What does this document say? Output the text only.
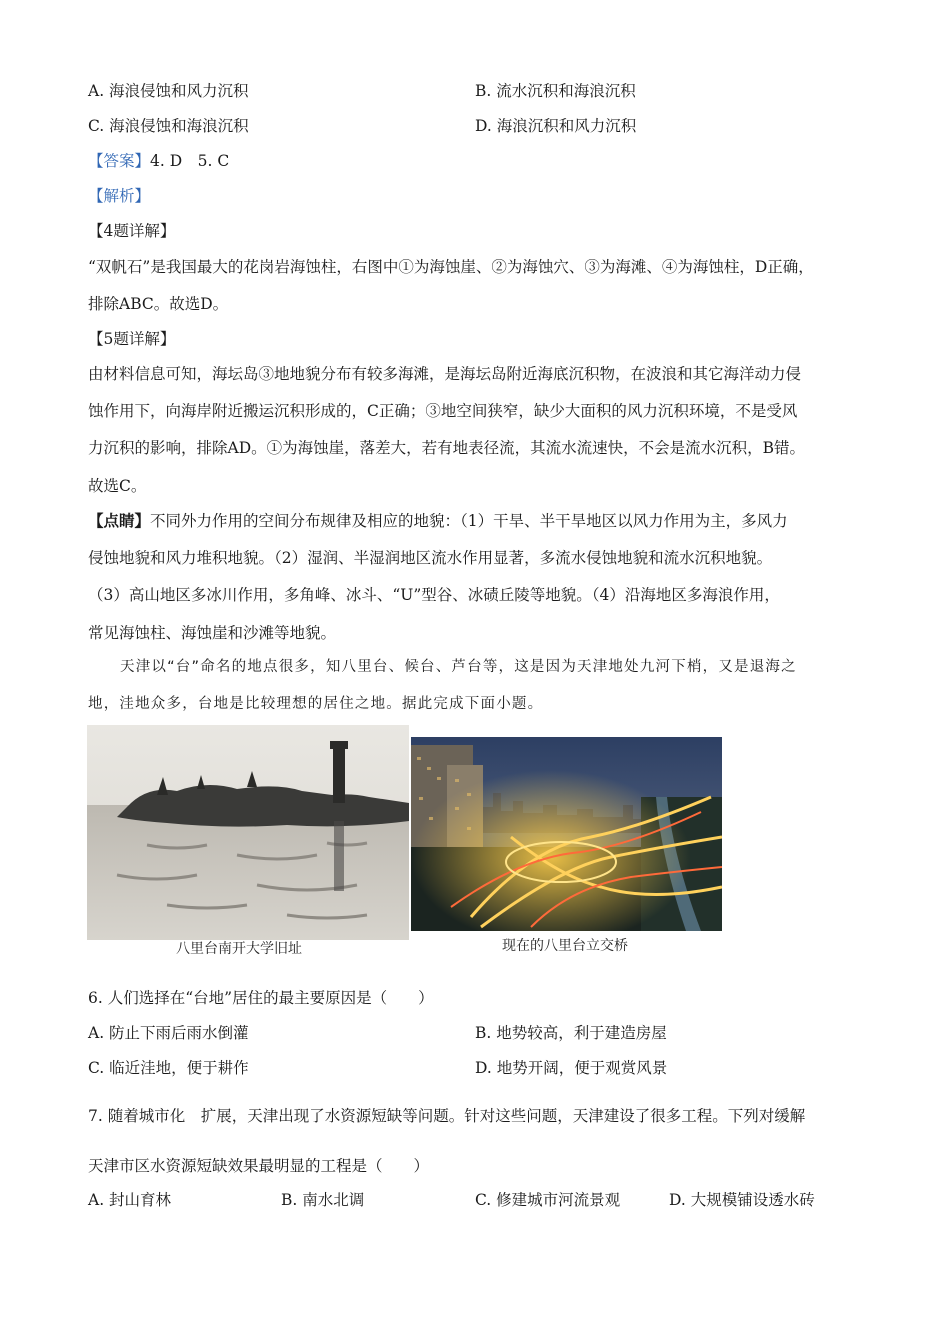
A. 海浪侵蚀和风力沉积	B. 流水沉积和海浪沉积
C. 海浪侵蚀和海浪沉积	D. 海浪沉积和风力沉积
【答案】4. D　5. C
【解析】
【4题详解】
“双帆石”是我国最大的花岗岩海蚀柱，右图中①为海蚀崖、②为海蚀穴、③为海滩、④为海蚀柱，D正确，
排除ABC。故选D。
【5题详解】
由材料信息可知，海坛岛③地地貌分布有较多海滩，是海坛岛附近海底沉积物，在波浪和其它海洋动力侵
蚀作用下，向海岸附近搬运沉积形成的，C正确；③地空间狭窄，缺少大面积的风力沉积环境，不是受风
力沉积的影响，排除AD。①为海蚀崖，落差大，若有地表径流，其流水流速快，不会是流水沉积，B错。
故选C。
【点睛】不同外力作用的空间分布规律及相应的地貌：（1）干旱、半干旱地区以风力作用为主，多风力
侵蚀地貌和风力堆积地貌。（2）湿润、半湿润地区流水作用显著，多流水侵蚀地貌和流水沉积地貌。
（3）高山地区多冰川作用，多角峰、冰斗、“U”型谷、冰碛丘陵等地貌。（4）沿海地区多海浪作用，
常见海蚀柱、海蚀崖和沙滩等地貌。
天津以“台”命名的地点很多，知八里台、候台、芦台等，这是因为天津地处九河下梢，又是退海之
地，洼地众多，台地是比较理想的居住之地。据此完成下面小题。
八里台南开大学旧址	现在的八里台立交桥
6. 人们选择在“台地”居住的最主要原因是（　　）
A. 防止下雨后雨水倒灌	B. 地势较高，利于建造房屋
C. 临近洼地，便于耕作	D. 地势开阔，便于观赏风景
7. 随着城市化　扩展，天津出现了水资源短缺等问题。针对这些问题，天津建设了很多工程。下列对缓解
天津市区水资源短缺效果最明显的工程是（　　）
A. 封山育林	B. 南水北调	C. 修建城市河流景观	D. 大规模铺设透水砖
